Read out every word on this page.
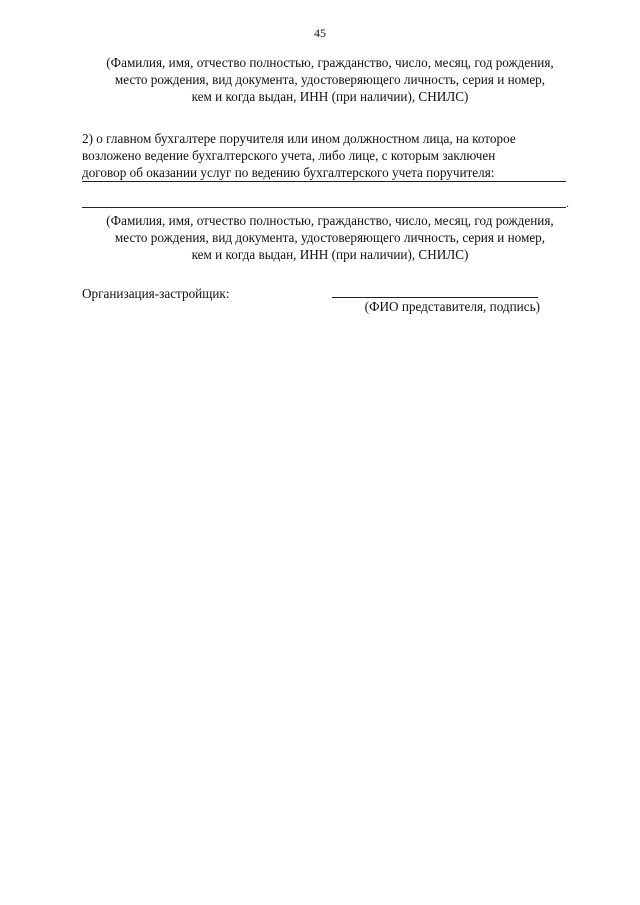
45
(Фамилия, имя, отчество полностью, гражданство, число, месяц, год рождения,
место рождения, вид документа, удостоверяющего личность, серия и номер,
кем и когда выдан, ИНН (при наличии), СНИЛС)
2) о главном бухгалтере поручителя или ином должностном лица, на которое
возложено ведение бухгалтерского учета, либо лице, с которым заключен
договор об оказании услуг по ведению бухгалтерского учета поручителя:
.
(Фамилия, имя, отчество полностью, гражданство, число, месяц, год рождения,
место рождения, вид документа, удостоверяющего личность, серия и номер,
кем и когда выдан, ИНН (при наличии), СНИЛС)
Организация-застройщик:
(ФИО представителя, подпись)
